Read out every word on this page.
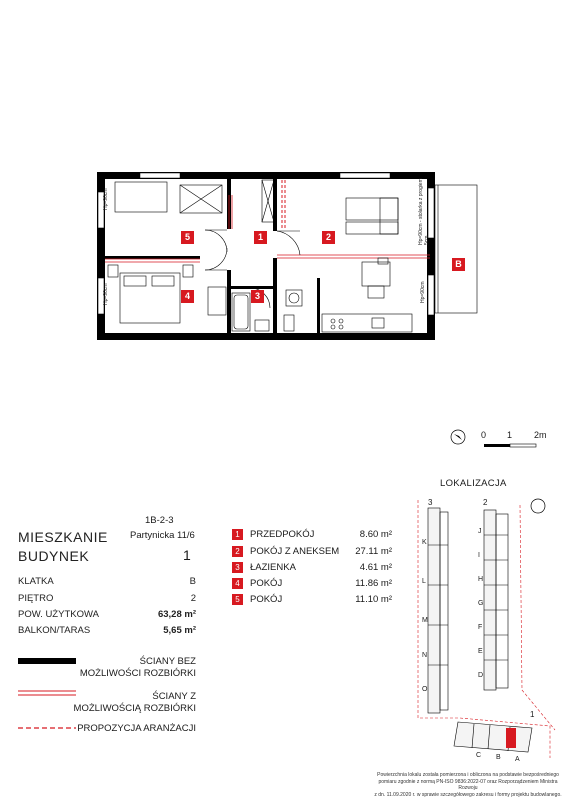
5	1	2
4	3
B
Hp=90cm
Hp=90cm	Hp=90cm
Hp=90cm - stolarka z progiem 5cm
0 1 2m
1B-2-3
MIESZKANIE Partynicka 11/6
BUDYNEK	1
KLATKA	B
PIĘTRO	2
POW. UŻYTKOWA	63,28 m²
BALKON/TARAS	5,65 m²
1	PRZEDPOKÓJ	8.60 m²
2	POKÓJ Z ANEKSEM 27.11 m²
3	ŁAZIENKA	4.61 m²
4	POKÓJ	11.86 m²
5	POKÓJ	11.10 m²
ŚCIANY BEZ
MOŻLIWOŚCI ROZBIÓRKI
ŚCIANY Z
MOŻLIWOŚCIĄ ROZBIÓRKI
PROPOZYCJA ARANŻACJI
LOKALIZACJA
3	2
1
K
L
M
N
O
J
I
H
G
F
E
D
C B A
Powierzchnia lokalu została pomierzona i obliczona na podstawie bezpośredniego
pomiaru zgodnie z normą PN-ISO 9836:2022-07 oraz Rozporządzeniem Ministra Rozwoju
z dn. 11.09.2020 r. w sprawie szczegółowego zakresu i formy projektu budowlanego.
